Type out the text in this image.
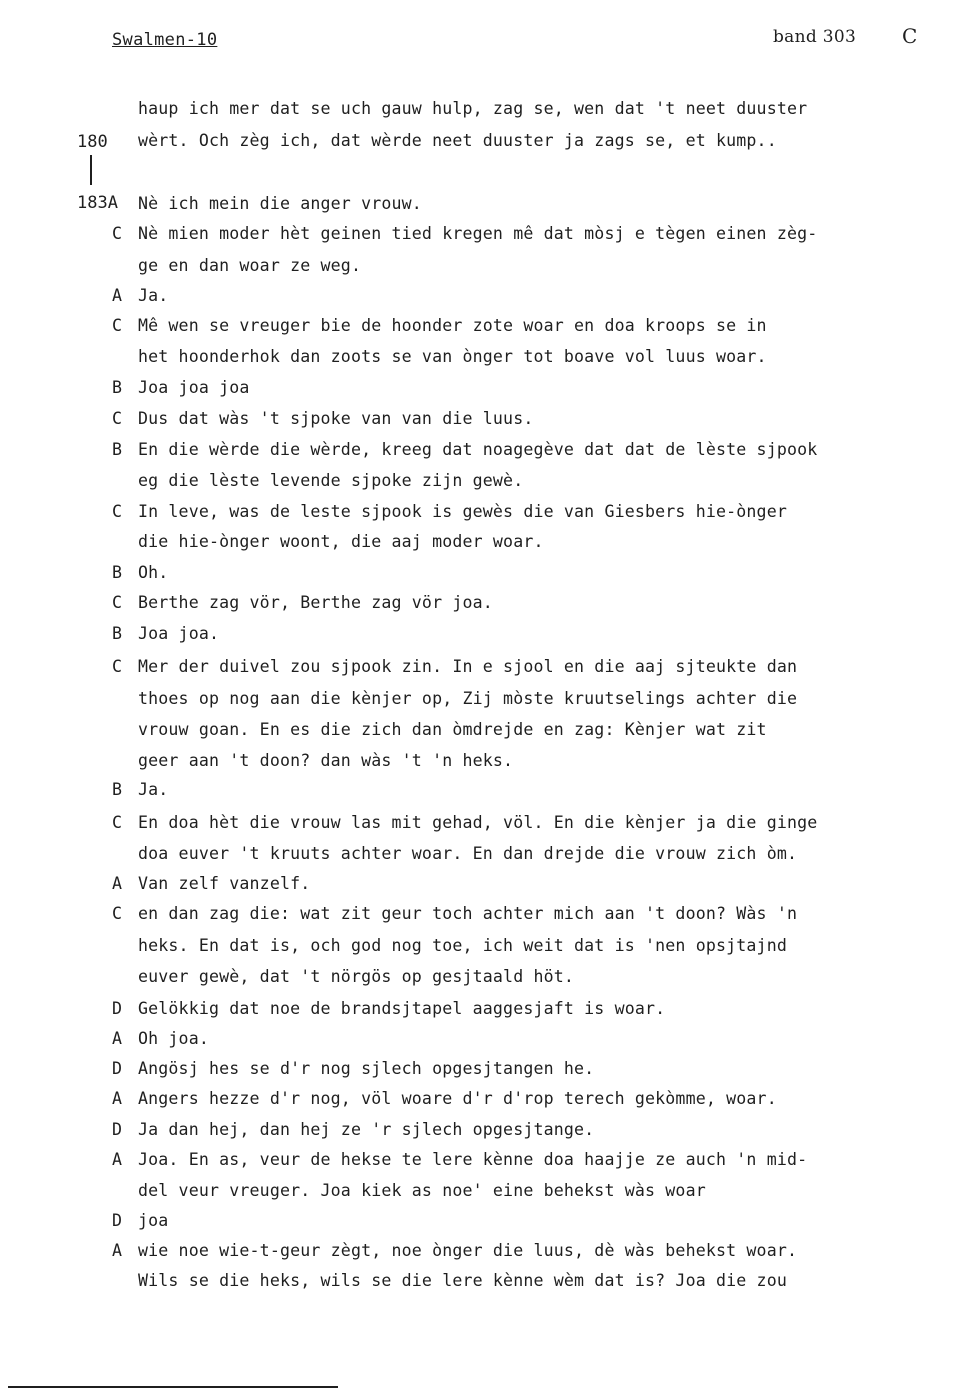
Swalmen-10	band 303 C
180
183A
haup ich mer dat se uch gauw hulp, zag se, wen dat 't neet duuster
wèrt. Och zèg ich, dat wèrde neet duuster ja zags se, et kump..
Nè ich mein die anger vrouw.
C Nè mien moder hèt geinen tied kregen mê dat mòsj e tègen einen zèg-
ge en dan woar ze weg.
A Ja.
C Mê wen se vreuger bie de hoonder zote woar en doa kroops se in
het hoonderhok dan zoots se van ònger tot boave vol luus woar.
B Joa joa joa
C Dus dat wàs 't sjpoke van van die luus.
B En die wèrde die wèrde, kreeg dat noagegève dat dat de lèste sjpook
eg die lèste levende sjpoke zijn gewè.
C In leve, was de leste sjpook is gewès die van Giesbers hie-ònger
die hie-ònger woont, die aaj moder woar.
B Oh.
C Berthe zag vör, Berthe zag vör joa.
B Joa joa.
C Mer der duivel zou sjpook zin. In e sjool en die aaj sjteukte dan
thoes op nog aan die kènjer op, Zij mòste kruutselings achter die
vrouw goan. En es die zich dan òmdrejde en zag: Kènjer wat zit
geer aan 't doon? dan wàs 't 'n heks.
B Ja.
C En doa hèt die vrouw las mit gehad, völ. En die kènjer ja die ginge
doa euver 't kruuts achter woar. En dan drejde die vrouw zich òm.
A Van zelf vanzelf.
C en dan zag die: wat zit geur toch achter mich aan 't doon? Wàs 'n
heks. En dat is, och god nog toe, ich weit dat is 'nen opsjtajnd
euver gewè, dat 't nörgös op gesjtaald höt.
D Gelökkig dat noe de brandsjtapel aaggesjaft is woar.
A Oh joa.
D Angösj hes se d'r nog sjlech opgesjtangen he.
A Angers hezze d'r nog, völ woare d'r d'rop terech gekòmme, woar.
D Ja dan hej, dan hej ze 'r sjlech opgesjtange.
A Joa. En as, veur de hekse te lere kènne doa haajje ze auch 'n mid-
del veur vreuger. Joa kiek as noe' eine behekst wàs woar
D joa
A wie noe wie-t-geur zègt, noe ònger die luus, dè wàs behekst woar.
Wils se die heks, wils se die lere kènne wèm dat is? Joa die zou
